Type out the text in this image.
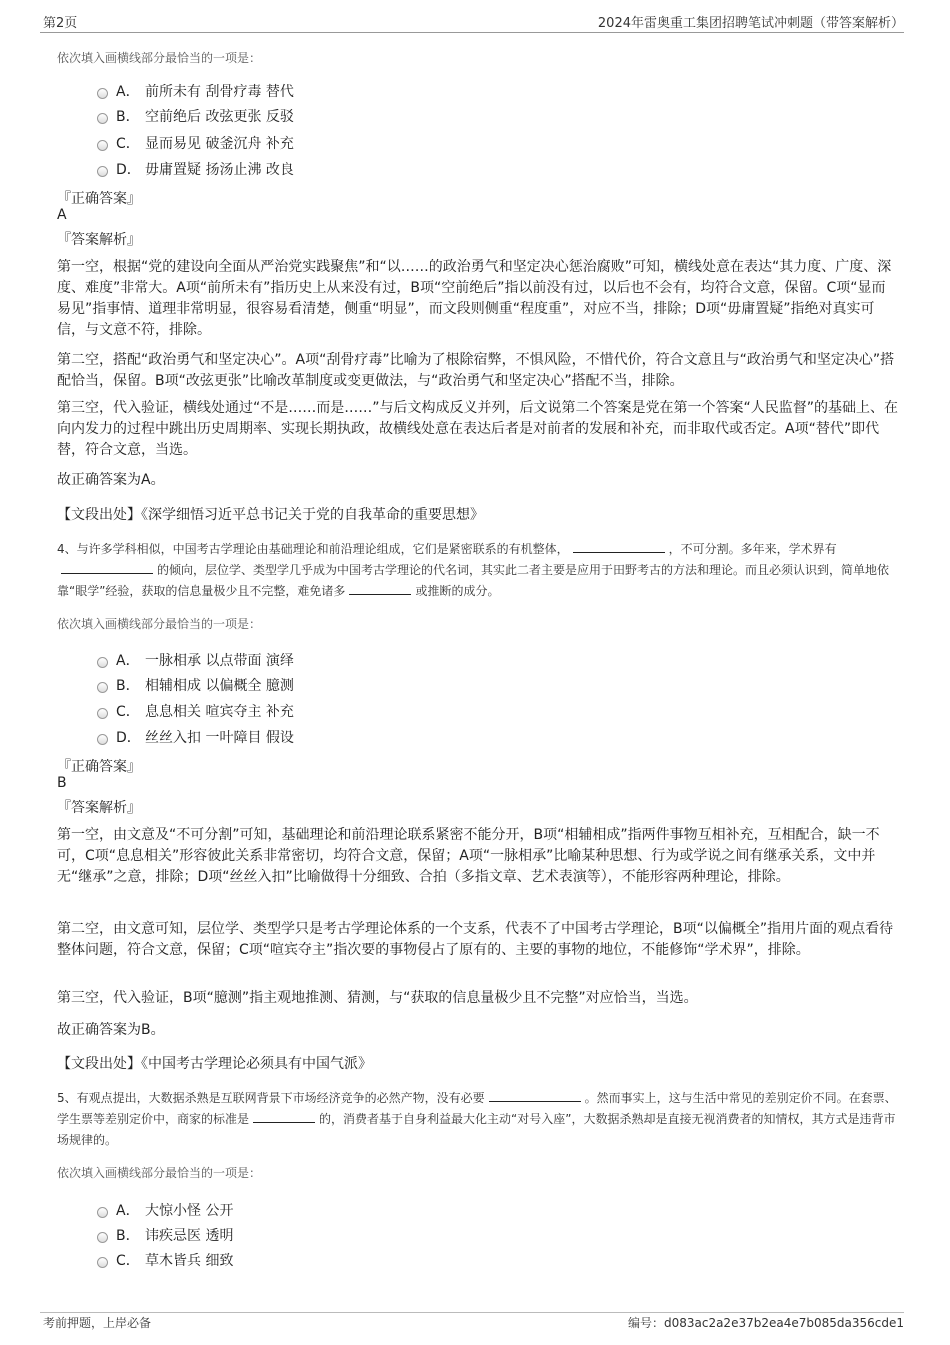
第2页	2024年雷奥重工集团招聘笔试冲刺题（带答案解析）
依次填入画横线部分最恰当的一项是：
A． 前所未有 刮骨疗毒 替代
B． 空前绝后 改弦更张 反驳
C． 显而易见 破釜沉舟 补充
D． 毋庸置疑 扬汤止沸 改良
『正确答案』
A
『答案解析』
第一空，根据“党的建设向全面从严治党实践聚焦”和“以……的政治勇气和坚定决心惩治腐败”可知，横线处意在表达“其力度、广度、深度、难度”非常大。A项“前所未有”指历史上从来没有过，B项“空前绝后”指以前没有过，以后也不会有，均符合文意，保留。C项“显而易见”指事情、道理非常明显，很容易看清楚，侧重“明显”，而文段则侧重“程度重”，对应不当，排除；D项“毋庸置疑”指绝对真实可信，与文意不符，排除。
第二空，搭配“政治勇气和坚定决心”。A项“刮骨疗毒”比喻为了根除宿弊，不惧风险，不惜代价，符合文意且与“政治勇气和坚定决心”搭配恰当，保留。B项“改弦更张”比喻改革制度或变更做法，与“政治勇气和坚定决心”搭配不当，排除。
第三空，代入验证，横线处通过“不是……而是……”与后文构成反义并列，后文说第二个答案是党在第一个答案“人民监督”的基础上、在向内发力的过程中跳出历史周期率、实现长期执政，故横线处意在表达后者是对前者的发展和补充，而非取代或否定。A项“替代”即代替，符合文意，当选。
故正确答案为A。
【文段出处】《深学细悟习近平总书记关于党的自我革命的重要思想》
4、与许多学科相似，中国考古学理论由基础理论和前沿理论组成，它们是紧密联系的有机整体，	，不可分割。多年来，学术界有的倾向，层位学、类型学几乎成为中国考古学理论的代名词，其实此二者主要是应用于田野考古的方法和理论。而且必须认识到，简单地依靠“眼学”经验，获取的信息量极少且不完整，难免诸多	或推断的成分。
依次填入画横线部分最恰当的一项是：
A． 一脉相承 以点带面 演绎
B． 相辅相成 以偏概全 臆测
C． 息息相关 喧宾夺主 补充
D． 丝丝入扣 一叶障目 假设
『正确答案』
B
『答案解析』
第一空，由文意及“不可分割”可知，基础理论和前沿理论联系紧密不能分开，B项“相辅相成”指两件事物互相补充，互相配合，缺一不可，C项“息息相关”形容彼此关系非常密切，均符合文意，保留；A项“一脉相承”比喻某种思想、行为或学说之间有继承关系，文中并无“继承”之意，排除；D项“丝丝入扣”比喻做得十分细致、合拍（多指文章、艺术表演等），不能形容两种理论，排除。
第二空，由文意可知，层位学、类型学只是考古学理论体系的一个支系，代表不了中国考古学理论，B项“以偏概全”指用片面的观点看待整体问题，符合文意，保留；C项“喧宾夺主”指次要的事物侵占了原有的、主要的事物的地位，不能修饰“学术界”，排除。
第三空，代入验证，B项“臆测”指主观地推测、猜测，与“获取的信息量极少且不完整”对应恰当，当选。
故正确答案为B。
【文段出处】《中国考古学理论必须具有中国气派》
5、有观点提出，大数据杀熟是互联网背景下市场经济竞争的必然产物，没有必要	。然而事实上，这与生活中常见的差别定价不同。在套票、学生票等差别定价中，商家的标准是	的，消费者基于自身利益最大化主动“对号入座”，大数据杀熟却是直接无视消费者的知情权，其方式是违背市场规律的。
依次填入画横线部分最恰当的一项是：
A． 大惊小怪 公开
B． 讳疾忌医 透明
C． 草木皆兵 细致
考前押题，上岸必备	编号：d083ac2a2e37b2ea4e7b085da356cde1
